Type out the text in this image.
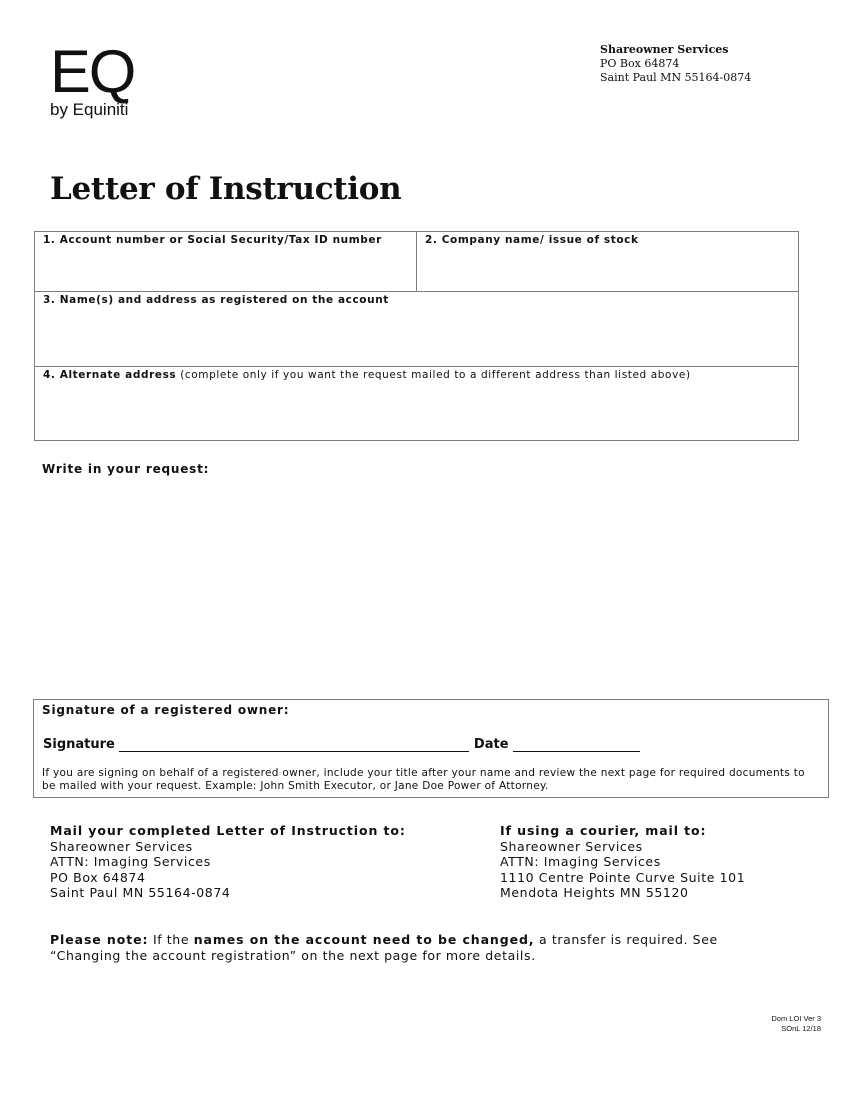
EQ
by Equiniti
Shareowner Services
PO Box 64874
Saint Paul MN 55164-0874
Letter of Instruction
1. Account number or Social Security/Tax ID number	2. Company name/ issue of stock
3. Name(s) and address as registered on the account
4. Alternate address (complete only if you want the request mailed to a different address than listed above)
Write in your request:
Signature of a registered owner:
Signature	Date
If you are signing on behalf of a registered owner, include your title after your name and review the next page for required documents to be mailed with your request. Example: John Smith Executor, or Jane Doe Power of Attorney.
Mail your completed Letter of Instruction to:
Shareowner Services
ATTN: Imaging Services
PO Box 64874
Saint Paul MN 55164-0874
If using a courier, mail to:
Shareowner Services
ATTN: Imaging Services
1110 Centre Pointe Curve Suite 101
Mendota Heights MN 55120
Please note: If the names on the account need to be changed, a transfer is required. See “Changing the account registration” on the next page for more details.
Dom LOI Ver 3
SOnL 12/18
